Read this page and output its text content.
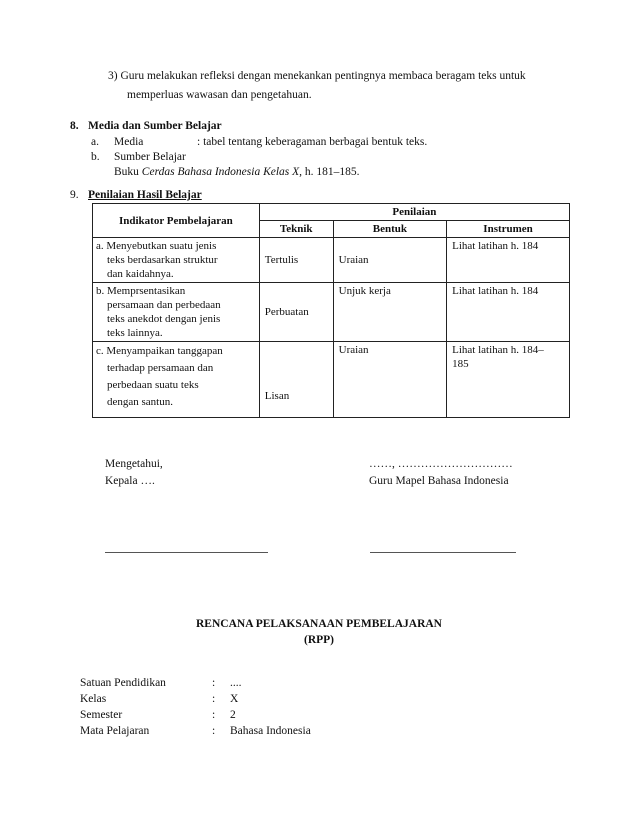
3) Guru melakukan refleksi dengan menekankan pentingnya membaca beragam teks untuk
memperluas wawasan dan pengetahuan.
8. Media dan Sumber Belajar
a. Media	: tabel tentang keberagaman berbagai bentuk teks.
b. Sumber Belajar
Buku Cerdas Bahasa Indonesia Kelas X, h. 181–185.
9. Penilaian Hasil Belajar
Indikator Pembelajaran	Penilaian		
	Teknik	Bentuk	Instrumen

a. Menyebutkan suatu jenis
teks berdasarkan struktur
dan kaidahnya.	Tertulis	Uraian	Lihat latihan h. 184

b. Memprsentasikan
persamaan dan perbedaan
teks anekdot dengan jenis
teks lainnya.	Perbuatan	Unjuk kerja	Lihat latihan h. 184

c. Menyampaikan tanggapan
terhadap persamaan dan
perbedaan suatu teks
dengan santun.	Lisan	Uraian	Lihat latihan h. 184–
185
Mengetahui,
Kepala ….
……, …………………………
Guru Mapel Bahasa Indonesia
RENCANA PELAKSANAAN PEMBELAJARAN
(RPP)
Satuan Pendidikan	: ....
Kelas	: X
Semester	: 2
Mata Pelajaran	: Bahasa Indonesia
